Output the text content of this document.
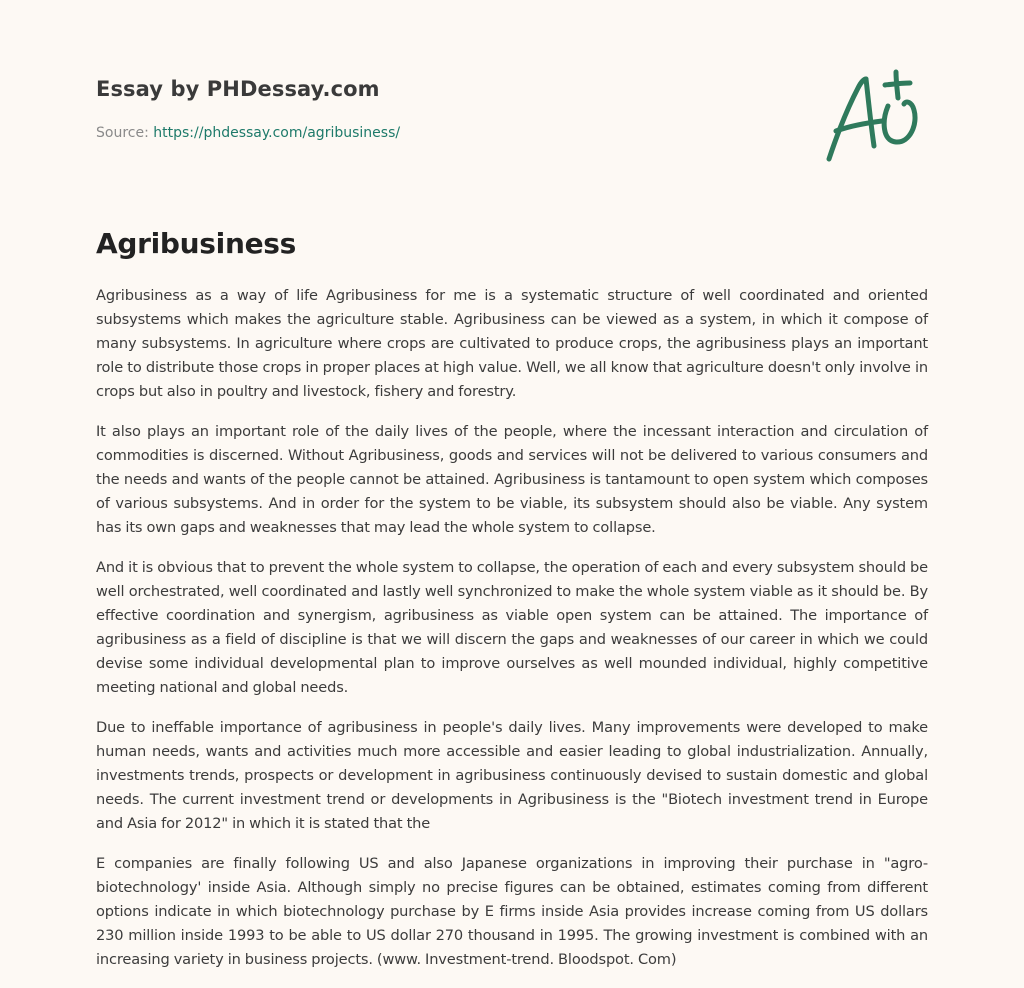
Essay by PHDessay.com
Source: https://phdessay.com/agribusiness/
Agribusiness

Agribusiness as a way of life Agribusiness for me is a systematic structure of well coordinated and oriented subsystems which makes the agriculture stable. Agribusiness can be viewed as a system, in which it compose of many subsystems. In agriculture where crops are cultivated to produce crops, the agribusiness plays an important role to distribute those crops in proper places at high value. Well, we all know that agriculture doesn't only involve in crops but also in poultry and livestock, fishery and forestry.

It also plays an important role of the daily lives of the people, where the incessant interaction and circulation of commodities is discerned. Without Agribusiness, goods and services will not be delivered to various consumers and the needs and wants of the people cannot be attained. Agribusiness is tantamount to open system which composes of various subsystems. And in order for the system to be viable, its subsystem should also be viable. Any system has its own gaps and weaknesses that may lead the whole system to collapse.

And it is obvious that to prevent the whole system to collapse, the operation of each and every subsystem should be well orchestrated, well coordinated and lastly well synchronized to make the whole system viable as it should be. By effective coordination and synergism, agribusiness as viable open system can be attained. The importance of agribusiness as a field of discipline is that we will discern the gaps and weaknesses of our career in which we could devise some individual developmental plan to improve ourselves as well mounded individual, highly competitive meeting national and global needs.

Due to ineffable importance of agribusiness in people's daily lives. Many improvements were developed to make human needs, wants and activities much more accessible and easier leading to global industrialization. Annually, investments trends, prospects or development in agribusiness continuously devised to sustain domestic and global needs. The current investment trend or developments in Agribusiness is the "Biotech investment trend in Europe and Asia for 2012" in which it is stated that the

E companies are finally following US and also Japanese organizations in improving their purchase in "agro-biotechnology' inside Asia. Although simply no precise figures can be obtained, estimates coming from different options indicate in which biotechnology purchase by E firms inside Asia provides increase coming from US dollars 230 million inside 1993 to be able to US dollar 270 thousand in 1995. The growing investment is combined with an increasing variety in business projects. (www. Investment-trend. Bloodspot. Com)
